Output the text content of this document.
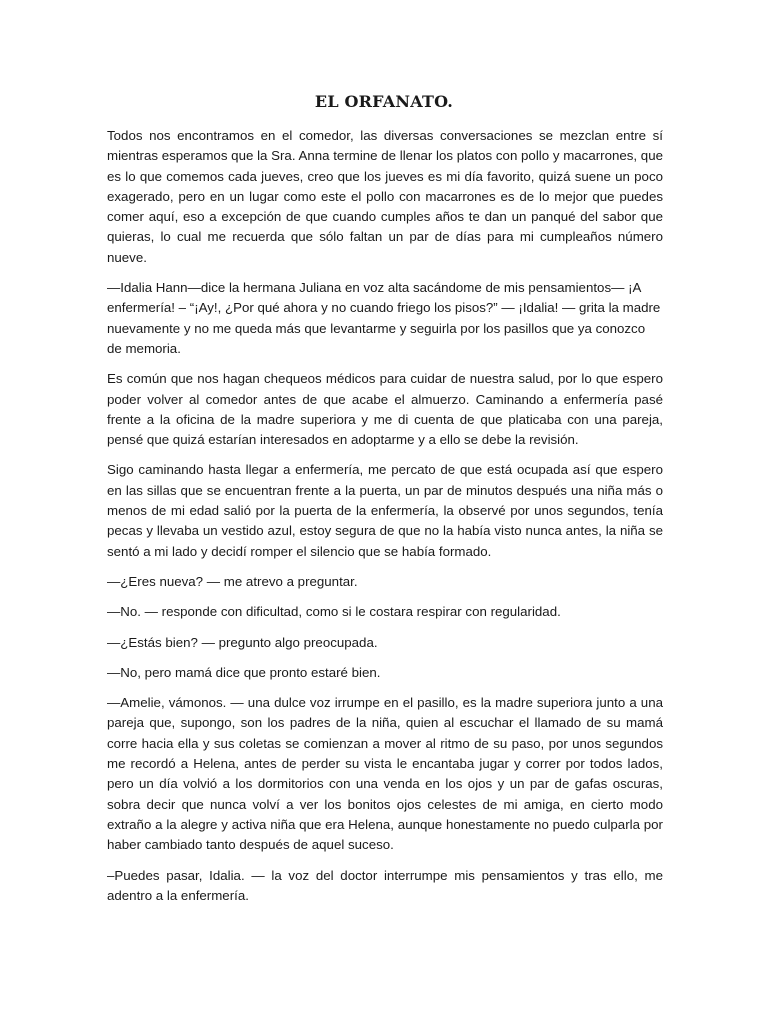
EL ORFANATO.

Todos nos encontramos en el comedor, las diversas conversaciones se mezclan entre sí mientras esperamos que la Sra. Anna termine de llenar los platos con pollo y macarrones, que es lo que comemos cada jueves, creo que los jueves es mi día favorito, quizá suene un poco exagerado, pero en un lugar como este el pollo con macarrones es de lo mejor que puedes comer aquí, eso a excepción de que cuando cumples años te dan un panqué del sabor que quieras, lo cual me recuerda que sólo faltan un par de días para mi cumpleaños número nueve.

—Idalia Hann—dice la hermana Juliana en voz alta sacándome de mis pensamientos— ¡A enfermería! – “¡Ay!, ¿Por qué ahora y no cuando friego los pisos?” — ¡Idalia! — grita la madre nuevamente y no me queda más que levantarme y seguirla por los pasillos que ya conozco de memoria.

Es común que nos hagan chequeos médicos para cuidar de nuestra salud, por lo que espero poder volver al comedor antes de que acabe el almuerzo. Caminando a enfermería pasé frente a la oficina de la madre superiora y me di cuenta de que platicaba con una pareja, pensé que quizá estarían interesados en adoptarme y a ello se debe la revisión.

Sigo caminando hasta llegar a enfermería, me percato de que está ocupada así que espero en las sillas que se encuentran frente a la puerta, un par de minutos después una niña más o menos de mi edad salió por la puerta de la enfermería, la observé por unos segundos, tenía pecas y llevaba un vestido azul, estoy segura de que no la había visto nunca antes, la niña se sentó a mi lado y decidí romper el silencio que se había formado.

—¿Eres nueva? — me atrevo a preguntar.

—No. — responde con dificultad, como si le costara respirar con regularidad.

—¿Estás bien? — pregunto algo preocupada.

—No, pero mamá dice que pronto estaré bien.

—Amelie, vámonos. — una dulce voz irrumpe en el pasillo, es la madre superiora junto a una pareja que, supongo, son los padres de la niña, quien al escuchar el llamado de su mamá corre hacia ella y sus coletas se comienzan a mover al ritmo de su paso, por unos segundos me recordó a Helena, antes de perder su vista le encantaba jugar y correr por todos lados, pero un día volvió a los dormitorios con una venda en los ojos y un par de gafas oscuras, sobra decir que nunca volví a ver los bonitos ojos celestes de mi amiga, en cierto modo extraño a la alegre y activa niña que era Helena, aunque honestamente no puedo culparla por haber cambiado tanto después de aquel suceso.

–Puedes pasar, Idalia. — la voz del doctor interrumpe mis pensamientos y tras ello, me adentro a la enfermería.
